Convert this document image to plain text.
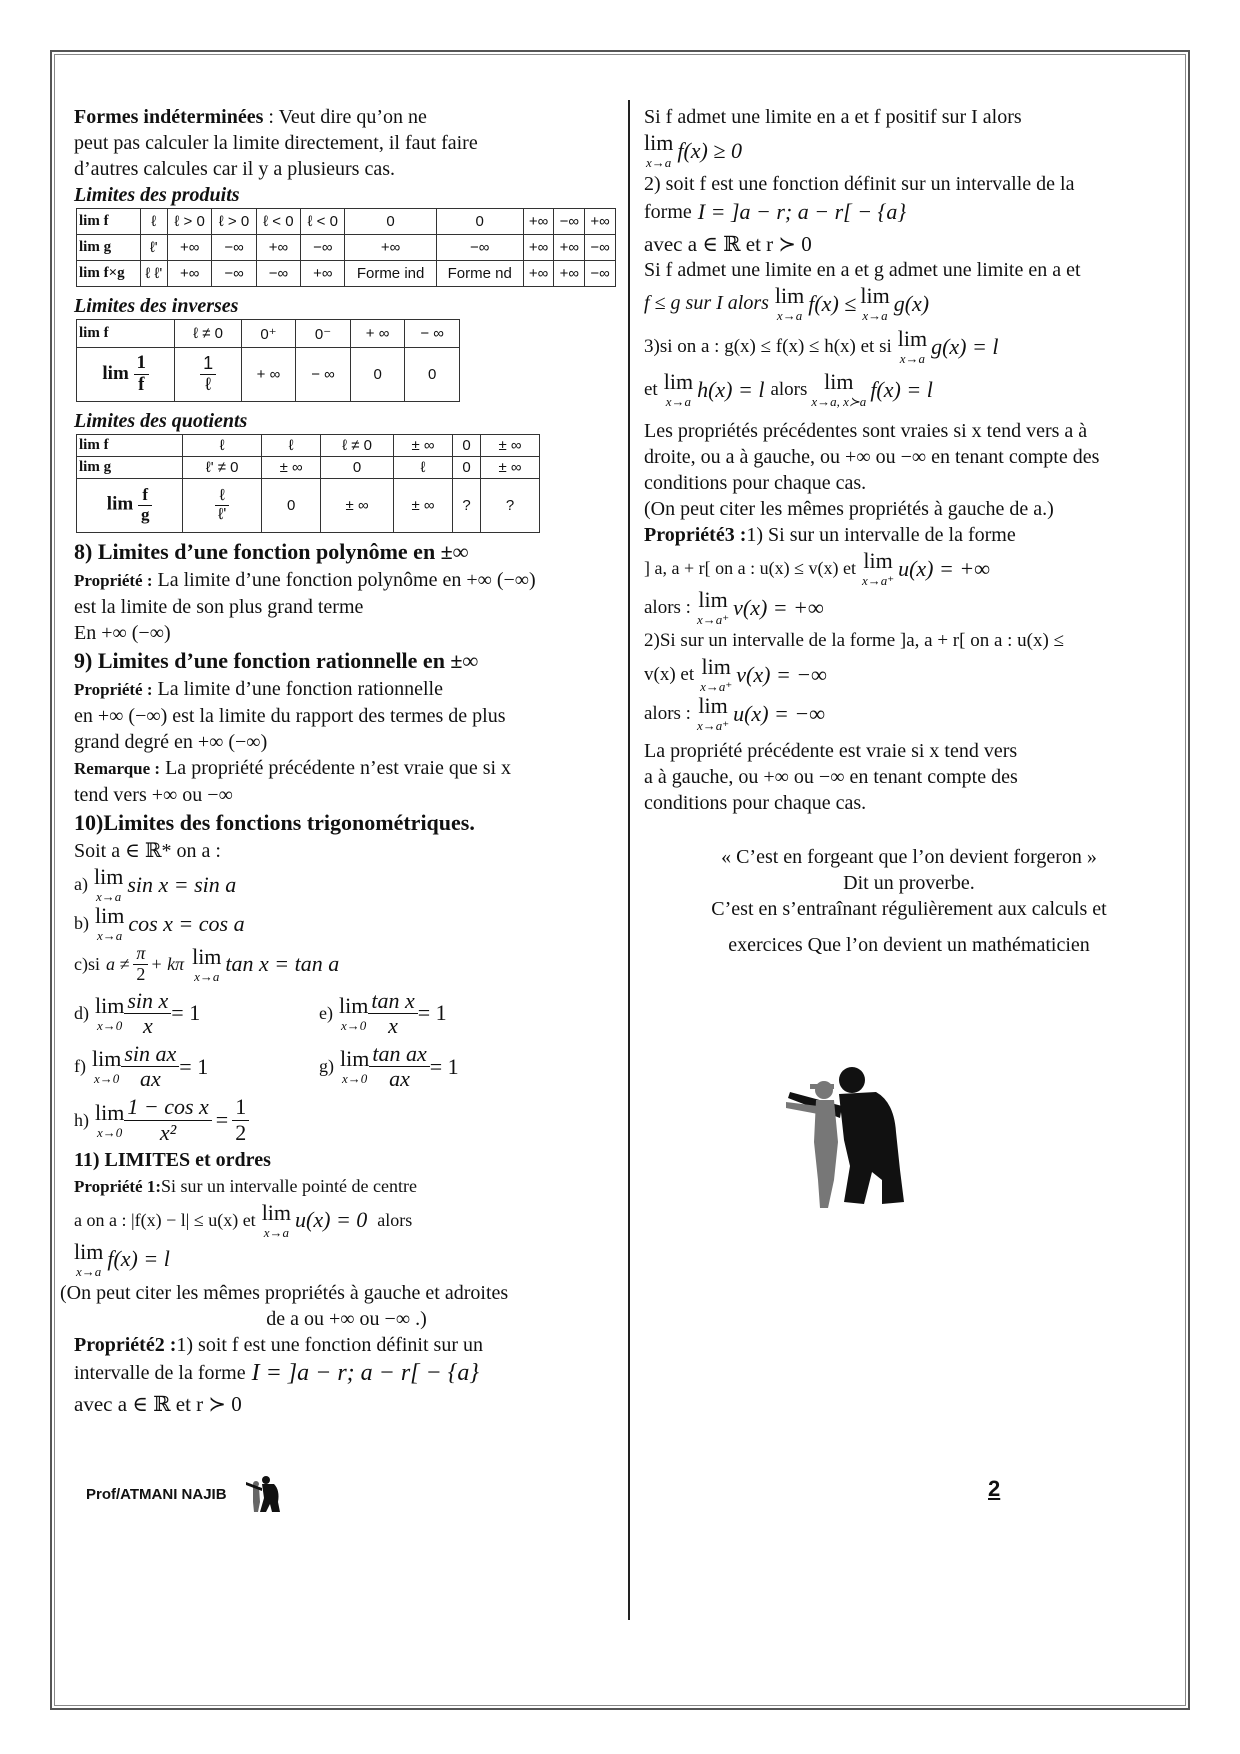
Formes indéterminées : Veut dire qu’on ne

peut pas calculer la limite directement, il faut faire

d’autres calcules car il y a plusieurs cas.

Limites des produits

lim f	ℓ	ℓ > 0	ℓ > 0	ℓ < 0	ℓ < 0	0	0	+∞	−∞	+∞
lim g	ℓ'	+∞	−∞	+∞	−∞	+∞	−∞	+∞	+∞	−∞
lim f×g	ℓ ℓ'	+∞	−∞	−∞	+∞	Forme ind	Forme nd	+∞	+∞	−∞

Limites des inverses

lim f	ℓ ≠ 0	0⁺	0⁻	+ ∞	− ∞
$\lim \frac{1}{f}$	$\frac{1}{\text{ℓ}}$	+ ∞	− ∞	0	0

Limites des quotients

lim f	ℓ	ℓ	ℓ ≠ 0	± ∞	0	± ∞
lim g	ℓ' ≠ 0	± ∞	0	ℓ	0	± ∞
$\lim \frac{f}{g}$	$\frac{\text{ℓ}}{\text{ℓ'}}$	0	± ∞	± ∞	?	?

8) Limites d’une fonction polynôme en ±∞

Propriété : La limite d’une fonction polynôme en +∞ (−∞)

est la limite de son plus grand terme

En +∞ (−∞)

9) Limites d’une fonction rationnelle en ±∞

Propriété : La limite d’une fonction rationnelle

en +∞ (−∞) est la limite du rapport des termes de plus

grand degré en +∞ (−∞)

Remarque : La propriété précédente n’est vraie que si x

tend vers +∞ ou −∞

10)Limites des fonctions trigonométriques.

Soit a ∈ ℝ* on a :

a) lim
x→a sin x = sin a
b) lim
x→a cos x = cos a
c)si $a \ne \frac{\pi}{2} + k\pi$ lim
x→a tan x = tan a
d) lim
$x\to 0 \frac{\text{sin x}}{x} = 1$	e) lim
$x\to 0 \frac{\text{tan x}}{x} = 1$
f) lim
$x\to 0 \frac{\text{sin ax}}{ax} = 1$	g) lim
$x\to 0 \frac{\text{tan ax}}{ax} = 1$
h) lim
$x\to 0 \frac{\text{1 − cos x}}{\text{x²}} = \frac{1}{2}$

11) LIMITES et ordres

Propriété 1:Si sur un intervalle pointé de centre

a on a : |f(x) − l| ≤ u(x) et lim
x→a u(x) = 0 alors
lim
x→a f(x) = l

(On peut citer les mêmes propriétés à gauche et adroites

de a ou +∞ ou −∞ .)

Propriété2 :1) soit f est une fonction définit sur un

intervalle de la forme I = ]a − r; a − r[ − {a}

avec a ∈ ℝ et r ≻ 0

Si f admet une limite en a et f positif sur I alors

lim
x→a f(x) ≥ 0

2) soit f est une fonction définit sur un intervalle de la

forme I = ]a − r; a − r[ − {a}

avec a ∈ ℝ et r ≻ 0

Si f admet une limite en a et g admet une limite en a et

f ≤ g sur I alors lim
x→a f(x) ≤ lim
x→a g(x)
3)si on a : g(x) ≤ f(x) ≤ h(x) et si lim
x→a g(x) = l
et lim
x→a h(x) = l alors lim
x→a, x≻a f(x) = l

Les propriétés précédentes sont vraies si x tend vers a à

droite, ou a à gauche, ou +∞ ou −∞ en tenant compte des

conditions pour chaque cas.

(On peut citer les mêmes propriétés à gauche de a.)

Propriété3 :1) Si sur un intervalle de la forme

] a, a + r[ on a : u(x) ≤ v(x) et lim
x→a⁺ u(x) = +∞
alors : lim
x→a⁺ v(x) = +∞

2)Si sur un intervalle de la forme ]a, a + r[ on a : u(x) ≤

v(x) et lim
x→a⁺ v(x) = −∞
alors : lim
x→a⁺ u(x) = −∞

La propriété précédente est vraie si x tend vers

a à gauche, ou +∞ ou −∞ en tenant compte des

conditions pour chaque cas.

« C’est en forgeant que l’on devient forgeron »

Dit un proverbe.

C’est en s’entraînant régulièrement aux calculs et

exercices Que l’on devient un mathématicien

Prof/ATMANI NAJIB	2
